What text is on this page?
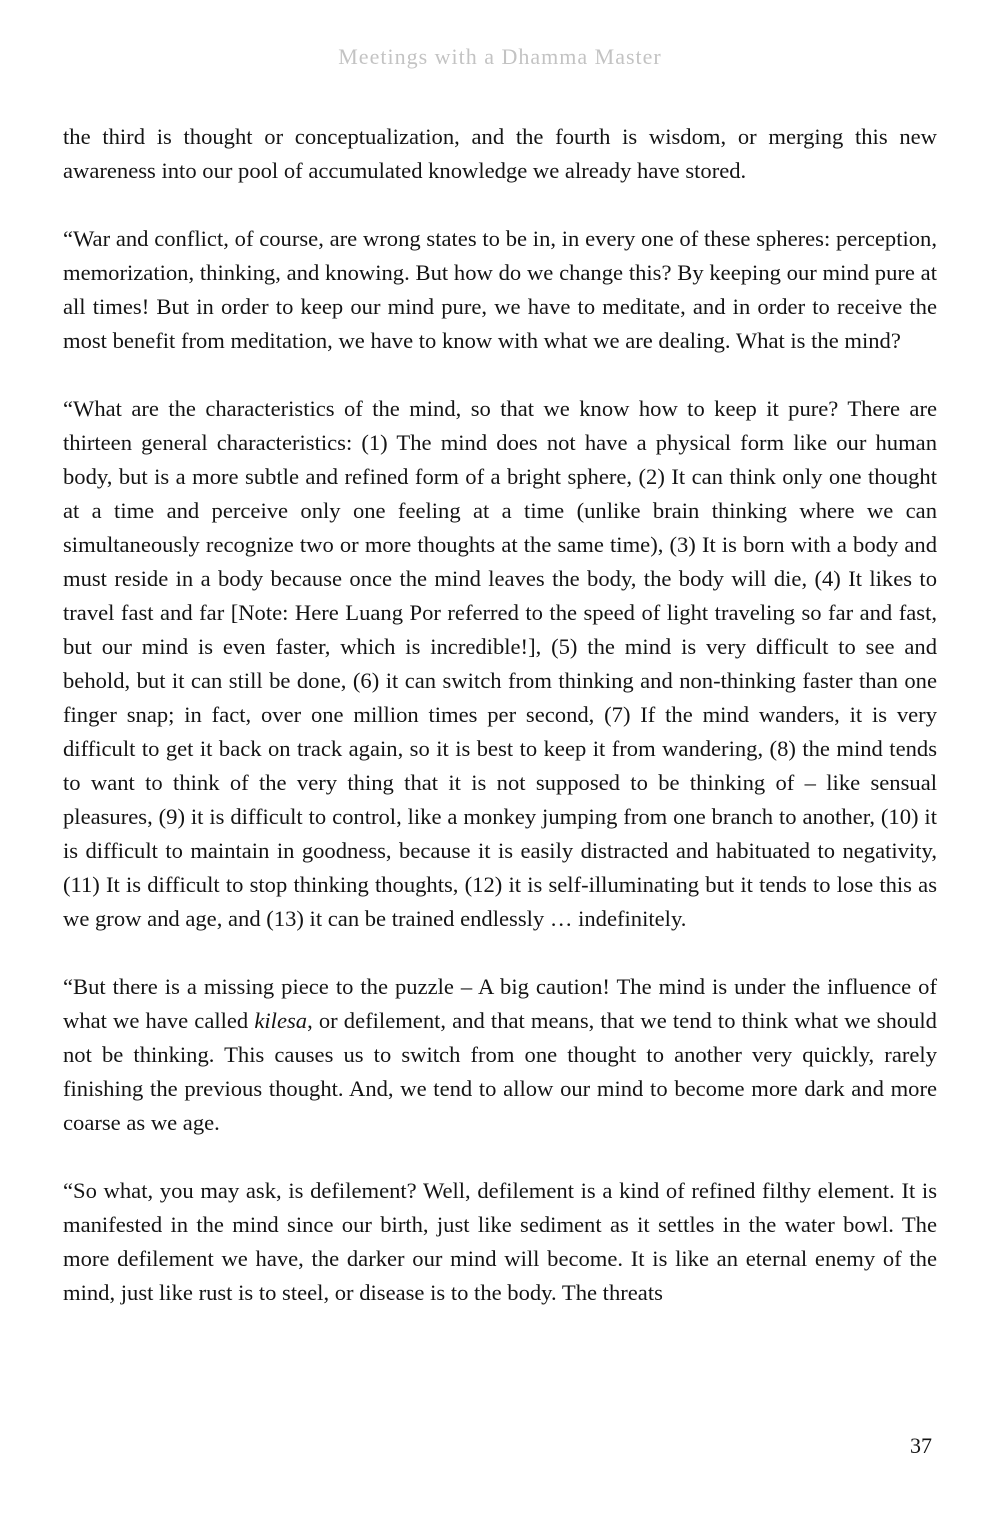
Meetings with a Dhamma Master

the third is thought or conceptualization, and the fourth is wisdom, or merging this new awareness into our pool of accumulated knowledge we already have stored.

“War and conflict, of course, are wrong states to be in, in every one of these spheres: perception, memorization, thinking, and knowing. But how do we change this? By keeping our mind pure at all times! But in order to keep our mind pure, we have to meditate, and in order to receive the most benefit from meditation, we have to know with what we are dealing. What is the mind?

“What are the characteristics of the mind, so that we know how to keep it pure? There are thirteen general characteristics: (1) The mind does not have a physical form like our human body, but is a more subtle and refined form of a bright sphere, (2) It can think only one thought at a time and perceive only one feeling at a time (unlike brain thinking where we can simultaneously recognize two or more thoughts at the same time), (3) It is born with a body and must reside in a body because once the mind leaves the body, the body will die, (4) It likes to travel fast and far [Note: Here Luang Por referred to the speed of light traveling so far and fast, but our mind is even faster, which is incredible!], (5) the mind is very difficult to see and behold, but it can still be done, (6) it can switch from thinking and non-thinking faster than one finger snap; in fact, over one million times per second, (7) If the mind wanders, it is very difficult to get it back on track again, so it is best to keep it from wandering, (8) the mind tends to want to think of the very thing that it is not supposed to be thinking of – like sensual pleasures, (9) it is difficult to control, like a monkey jumping from one branch to another, (10) it is difficult to maintain in goodness, because it is easily distracted and habituated to negativity, (11) It is difficult to stop thinking thoughts, (12) it is self-illuminating but it tends to lose this as we grow and age, and (13) it can be trained endlessly … indefinitely.

“But there is a missing piece to the puzzle – A big caution! The mind is under the influence of what we have called kilesa, or defilement, and that means, that we tend to think what we should not be thinking. This causes us to switch from one thought to another very quickly, rarely finishing the previous thought. And, we tend to allow our mind to become more dark and more coarse as we age.

“So what, you may ask, is defilement? Well, defilement is a kind of refined filthy element. It is manifested in the mind since our birth, just like sediment as it settles in the water bowl. The more defilement we have, the darker our mind will become. It is like an eternal enemy of the mind, just like rust is to steel, or disease is to the body. The threats

37
